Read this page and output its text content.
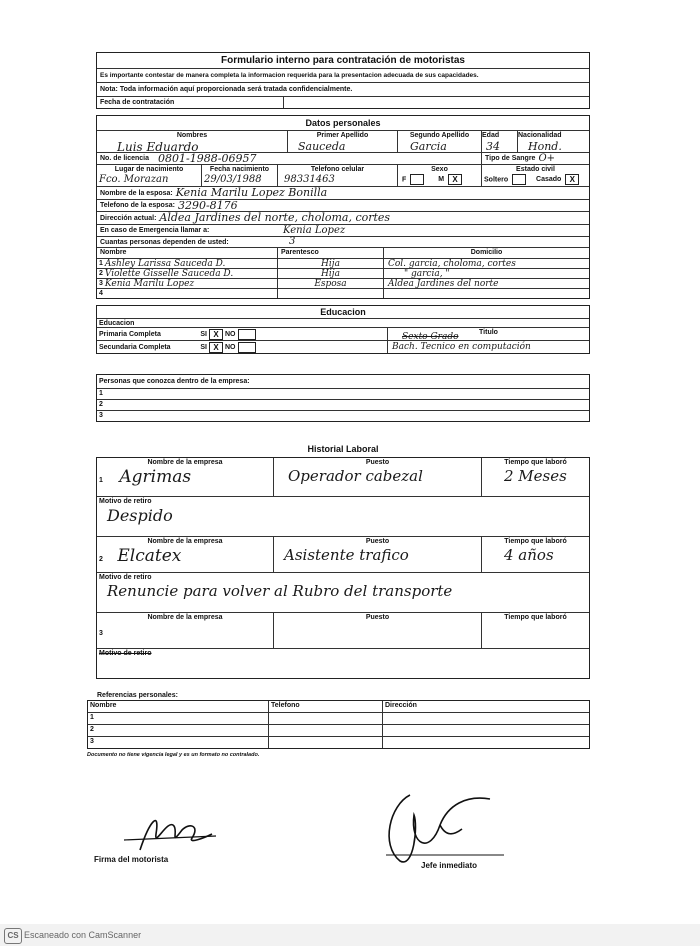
Formulario interno para contratación de motoristas
Es importante contestar de manera completa la informacion requerida para la presentacion adecuada de sus capacidades.
Nota: Toda información aquí proporcionada será tratada confidencialmente.
Fecha de contratación
Datos personales
Nombres
Luis Eduardo
Primer Apellido
Sauceda
Segundo Apellido
Garcia
Edad
34
Nacionalidad
Hond.
No. de licencia 0801-1988-06957	Tipo de Sangre O+
Lugar de nacimiento
Fco. Morazan
Fecha nacimiento
29/03/1988
Telefono celular
98331463
Sexo
F	M X
Estado civil
Soltero	Casado X
Nombre de la esposa: Kenia Marilu Lopez Bonilla
Telefono de la esposa: 3290-8176
Dirección actual: Aldea Jardines del norte, choloma, cortes
En caso de Emergencia llamar a:	Kenia Lopez
Cuantas personas dependen de usted:	3
Nombre	Parentesco	Domicilio
1 Ashley Larissa Sauceda D.	Hija	Col. garcia, choloma, cortes
2 Violette Gisselle Sauceda D.	Hija	" garcia, "
3 Kenia Marilu Lopez	Esposa	Aldea Jardines del norte
4
Educacion
Educacion
Primaria Completa	SI X NO	Titulo
Sexto Grado
Secundaria Completa	SI X NO	Bach. Tecnico en computación
Personas que conozca dentro de la empresa:
1
2
3
Historial Laboral
Nombre de la empresa
1 Agrimas
Puesto
Operador cabezal
Tiempo que laboró
2 Meses
Motivo de retiro
Despido
Nombre de la empresa
2 Elcatex
Puesto
Asistente trafico
Tiempo que laboró
4 años
Motivo de retiro
Renuncie para volver al Rubro del transporte
Nombre de la empresa
3
Puesto	Tiempo que laboró
Motivo de retiro
Referencias personales:
Nombre	Telefono	Dirección
1
2
3
Documento no tiene vigencia legal y es un formato no contralado.
Firma del motorista
Jefe inmediato
CS Escaneado con CamScanner
